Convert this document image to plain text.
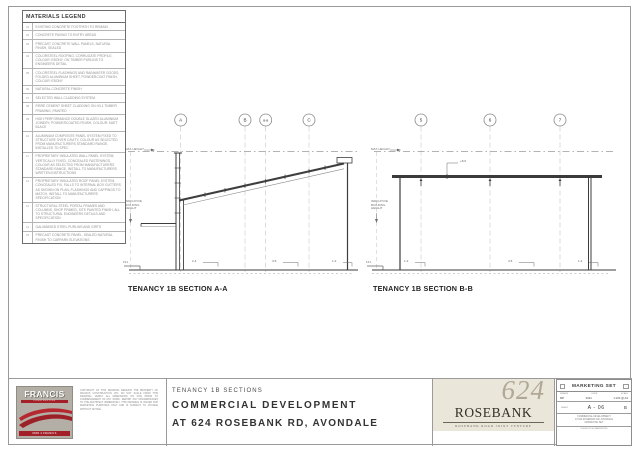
A	B	B-B	C	5	6	7
MATERIALS LEGEND
01	EXISTING CONCRETE FOOTPATH TO REMAIN
02	CONCRETE PAVING TO ENTRY AREAS
03	PRECAST CONCRETE WALL PANELS, NATURAL FINISH, SEALED
04	COLORSTEEL ROOFING, CORRUGATE PROFILE, COLOUR: EBONY, ON TIMBER PURLINS TO ENGINEERS DETAIL
05	COLORSTEEL FLASHINGS AND RAINWATER GOODS, FOLDED ALUMINIUM SHEET, POWDERCOAT FINISH, COLOUR: EBONY
06	NATURAL CONCRETE FINISH
07	SELECTED WALL CLADDING SYSTEM
08	FIBRE CEMENT SHEET CLADDING ON H3.1 TIMBER FRAMING, PAINTED
09	HIGH PERFORMANCE DOUBLE GLAZED ALUMINIUM JOINERY, POWDERCOATED FINISH, COLOUR: MATT BLACK
10	ALUMINIUM COMPOSITE PANEL SYSTEM FIXED TO STRUCTURE OVER CAVITY, COLOUR AS SELECTED FROM MANUFACTURERS STANDARD RANGE, INSTALLED TO SPEC
11	PROPRIETARY INSULATED WALL PANEL SYSTEM, VERTICALLY FIXED, CONCEALED FASTENINGS, COLOUR AS SELECTED FROM MANUFACTURERS STANDARD RANGE, INSTALL TO MANUFACTURERS WRITTEN INSTRUCTIONS
12	PROPRIETARY INSULATED ROOF PANEL SYSTEM, CONCEALED FIX, FALLS TO INTERNAL BOX GUTTERS AS SHOWN ON PLAN, FLASHINGS AND CAPPINGS TO MATCH, INSTALL TO MANUFACTURERS SPECIFICATION
13	STRUCTURAL STEEL PORTAL FRAMES AND COLUMNS, SHOP PRIMED, SITE PAINTED FINISH, ALL TO STRUCTURAL ENGINEERS DETAILS AND SPECIFICATION
14	GALVANISED STEEL PURLINS AND GIRTS
15	PRECAST CONCRETE PANEL, SEALED NATURAL FINISH TO CARPARK ELEVATIONS
MAX HEIGHT
INDICATIVE
BUILDING
HEIGHT
FFL	2.4	4.5	1.2
TENANCY 1B SECTION A-A
MAX HEIGHT
INDICATIVE
BUILDING
HEIGHT
FFL
+8.0
1.2	4.5	1.2
TENANCY 1B SECTION B-B
FRANCIS
CONSTRUCTION
0800 4 FRANCIS
COPYRIGHT OF THIS DRAWING REMAINS THE PROPERTY OF FRANCIS CONSTRUCTION LTD. DO NOT SCALE FROM THIS DRAWING. VERIFY ALL DIMENSIONS ON SITE PRIOR TO COMMENCEMENT OF ANY WORK. REPORT ANY DISCREPANCIES TO THE ARCHITECT IMMEDIATELY. THIS DRAWING IS ISSUED FOR MARKETING PURPOSES ONLY AND IS SUBJECT TO CHANGE WITHOUT NOTICE.
TENANCY 1B SECTIONS
COMMERCIAL DEVELOPMENT
AT 624 ROSEBANK RD, AVONDALE
624
ROSEBANK
ROSEBANK ROAD JOINT VENTURE
MARKETING SET
DRAWN	DATE	SCALE
MP	2021	1:100 @ A3
SHEET	A - 06	B
COMMERCIAL DEVELOPMENT
AT 624 ROSEBANK RD, AVONDALE
MARKETING SET
ISSUED FOR MARKETING
